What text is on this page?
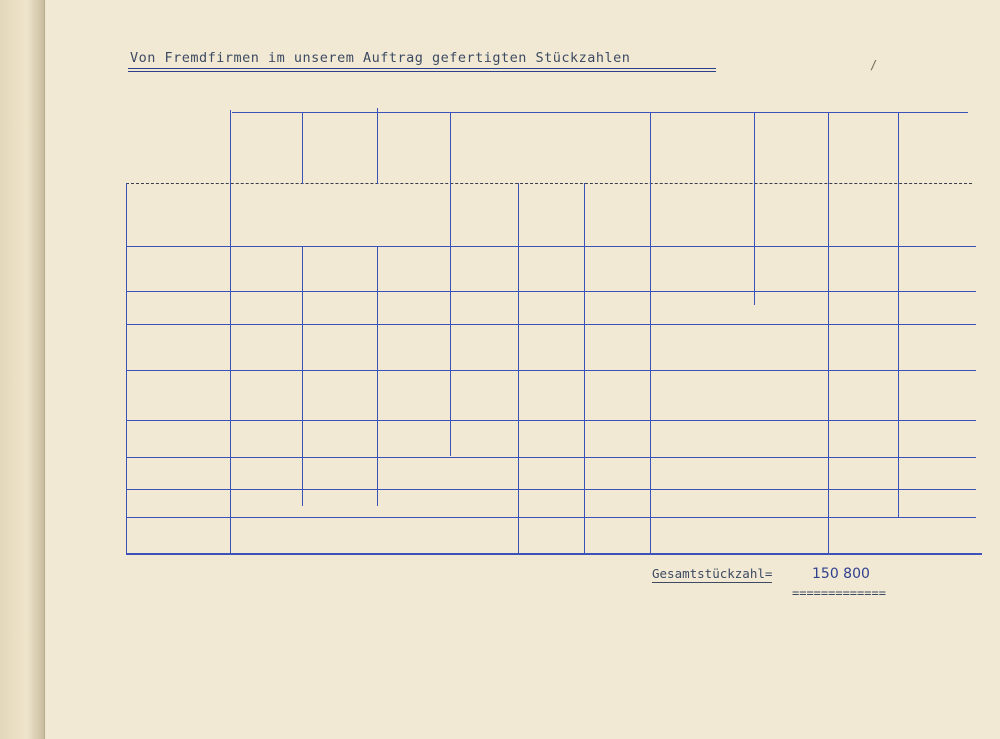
Von Fremdfirmen im unserem Auftrag gefertigten Stückzahlen	/
Gesamtstückzahl=	150 800
=============
